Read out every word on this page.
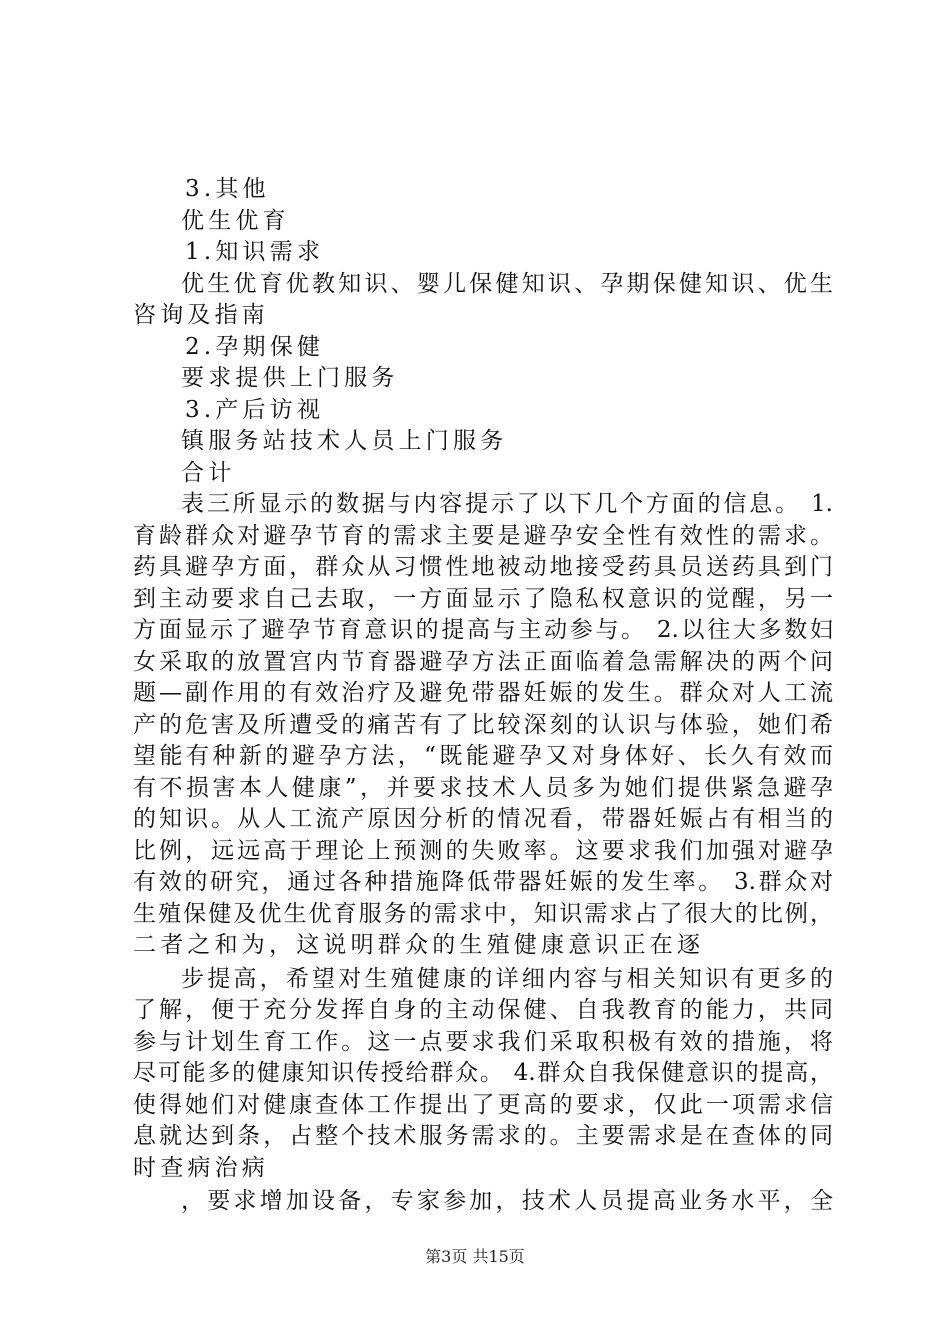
3.其他
优生优育
1.知识需求
优生优育优教知识、婴儿保健知识、孕期保健知识、优生
咨询及指南
2.孕期保健
要求提供上门服务
3.产后访视
镇服务站技术人员上门服务
合计
表三所显示的数据与内容提示了以下几个方面的信息。 1.
育龄群众对避孕节育的需求主要是避孕安全性有效性的需求。
药具避孕方面，群众从习惯性地被动地接受药具员送药具到门
到主动要求自己去取，一方面显示了隐私权意识的觉醒，另一
方面显示了避孕节育意识的提高与主动参与。 2.以往大多数妇
女采取的放置宫内节育器避孕方法正面临着急需解决的两个问
题—副作用的有效治疗及避免带器妊娠的发生。群众对人工流
产的危害及所遭受的痛苦有了比较深刻的认识与体验，她们希
望能有种新的避孕方法，“既能避孕又对身体好、长久有效而
有不损害本人健康”，并要求技术人员多为她们提供紧急避孕
的知识。从人工流产原因分析的情况看，带器妊娠占有相当的
比例，远远高于理论上预测的失败率。这要求我们加强对避孕
有效的研究，通过各种措施降低带器妊娠的发生率。 3.群众对
生殖保健及优生优育服务的需求中，知识需求占了很大的比例，
二者之和为，这说明群众的生殖健康意识正在逐
步提高，希望对生殖健康的详细内容与相关知识有更多的
了解，便于充分发挥自身的主动保健、自我教育的能力，共同
参与计划生育工作。这一点要求我们采取积极有效的措施，将
尽可能多的健康知识传授给群众。 4.群众自我保健意识的提高，
使得她们对健康查体工作提出了更高的要求，仅此一项需求信
息就达到条，占整个技术服务需求的。主要需求是在查体的同
时查病治病
，要求增加设备，专家参加，技术人员提高业务水平，全
第3页 共15页
